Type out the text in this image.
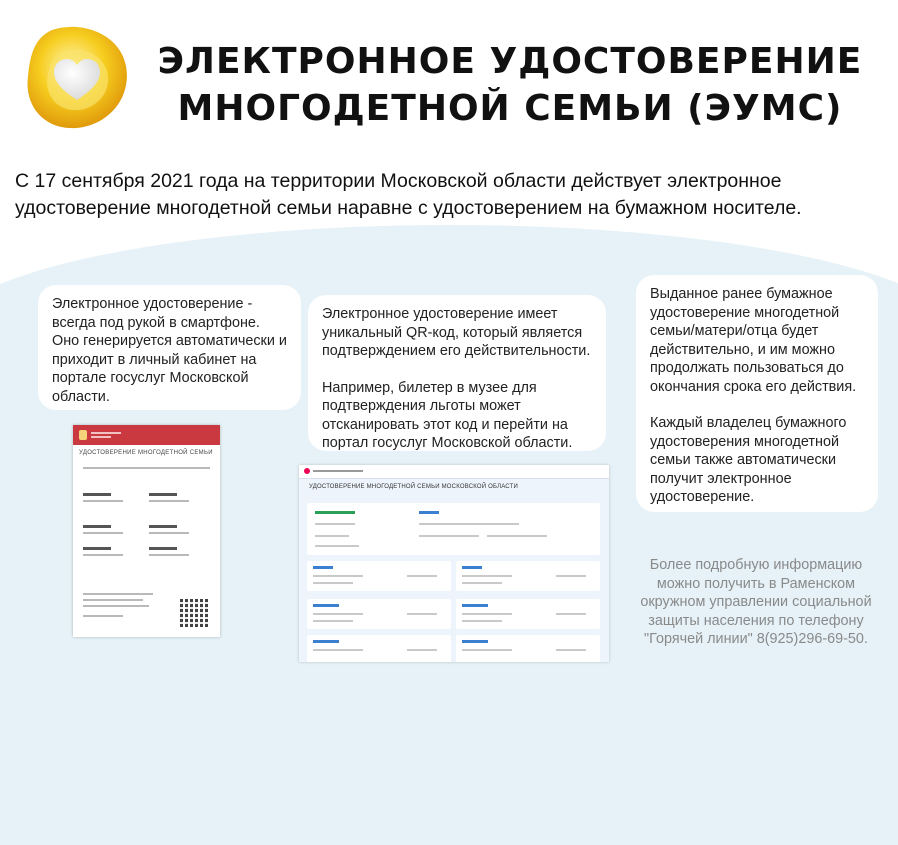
ЭЛЕКТРОННОЕ УДОСТОВЕРЕНИЕ
МНОГОДЕТНОЙ СЕМЬИ (ЭУМС)
С 17 сентября 2021 года на территории Московской области действует электронное удостоверение многодетной семьи наравне с удостоверением на бумажном носителе.

Электронное удостоверение - всегда под рукой в смартфоне. Оно генерируется автоматически и приходит в личный кабинет на портале госуслуг Московской области.

Электронное удостоверение имеет уникальный QR-код, который является подтверждением его действительности.

Например, билетер в музее для подтверждения льготы может отсканировать этот код и перейти на портал госуслуг Московской области.

Выданное ранее бумажное удостоверение многодетной семьи/матери/отца будет действительно, и им можно продолжать пользоваться до окончания срока его действия.

Каждый владелец бумажного удостоверения многодетной семьи также автоматически получит электронное удостоверение.

УДОСТОВЕРЕНИЕ МНОГОДЕТНОЙ СЕМЬИ
УДОСТОВЕРЕНИЕ МНОГОДЕТНОЙ СЕМЬИ МОСКОВСКОЙ ОБЛАСТИ
Более подробную информацию можно получить в Раменском окружном управлении социальной защиты населения по телефону "Горячей линии" 8(925)296-69-50.
